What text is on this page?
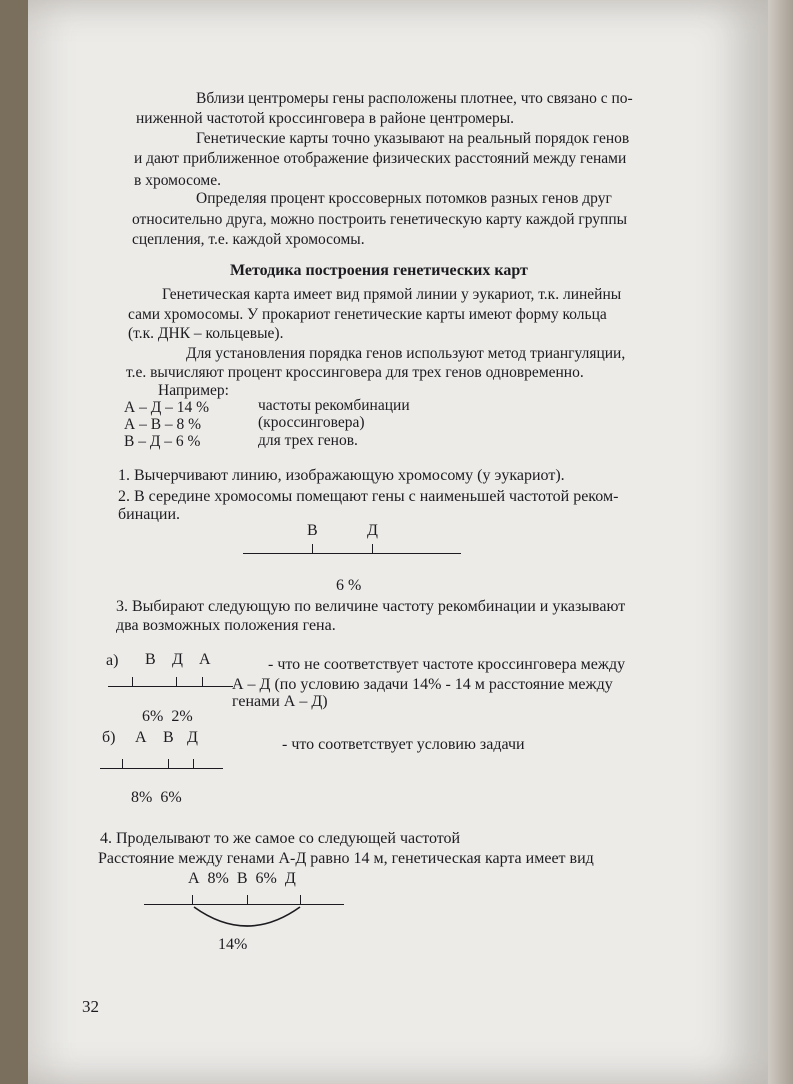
Вблизи центромеры гены расположены плотнее, что связано с по-
ниженной частотой кроссинговера в районе центромеры.
Генетические карты точно указывают на реальный порядок генов
и дают приближенное отображение физических расстояний между генами
в хромосоме.
Определяя процент кроссоверных потомков разных генов друг
относительно друга, можно построить генетическую карту каждой группы
сцепления, т.е. каждой хромосомы.
Методика построения генетических карт
Генетическая карта имеет вид прямой линии у эукариот, т.к. линейны
сами хромосомы. У прокариот генетические карты имеют форму кольца
(т.к. ДНК – кольцевые).
Для установления порядка генов используют метод триангуляции,
т.е. вычисляют процент кроссинговера для трех генов одновременно.
Например:
А – Д – 14 %
А – В – 8 %
В – Д – 6 %
частоты рекомбинации
(кроссинговера)
для трех генов.
1. Вычерчивают линию, изображающую хромосому (у эукариот).
2. В середине хромосомы помещают гены с наименьшей частотой реком-
бинации.
В	Д
6 %
3. Выбирают следующую по величине частоту рекомбинации и указывают
два возможных положения гена.
а) В Д А
6%  2%
- что не соответствует частоте кроссинговера между
А – Д (по условию задачи 14% - 14 м расстояние между
генами А – Д)
б) А В Д
8%  6%
- что соответствует условию задачи
4. Проделывают то же самое со следующей частотой
Расстояние между генами А-Д равно 14 м, генетическая карта имеет вид
А  8%  В  6%  Д
14%
32
